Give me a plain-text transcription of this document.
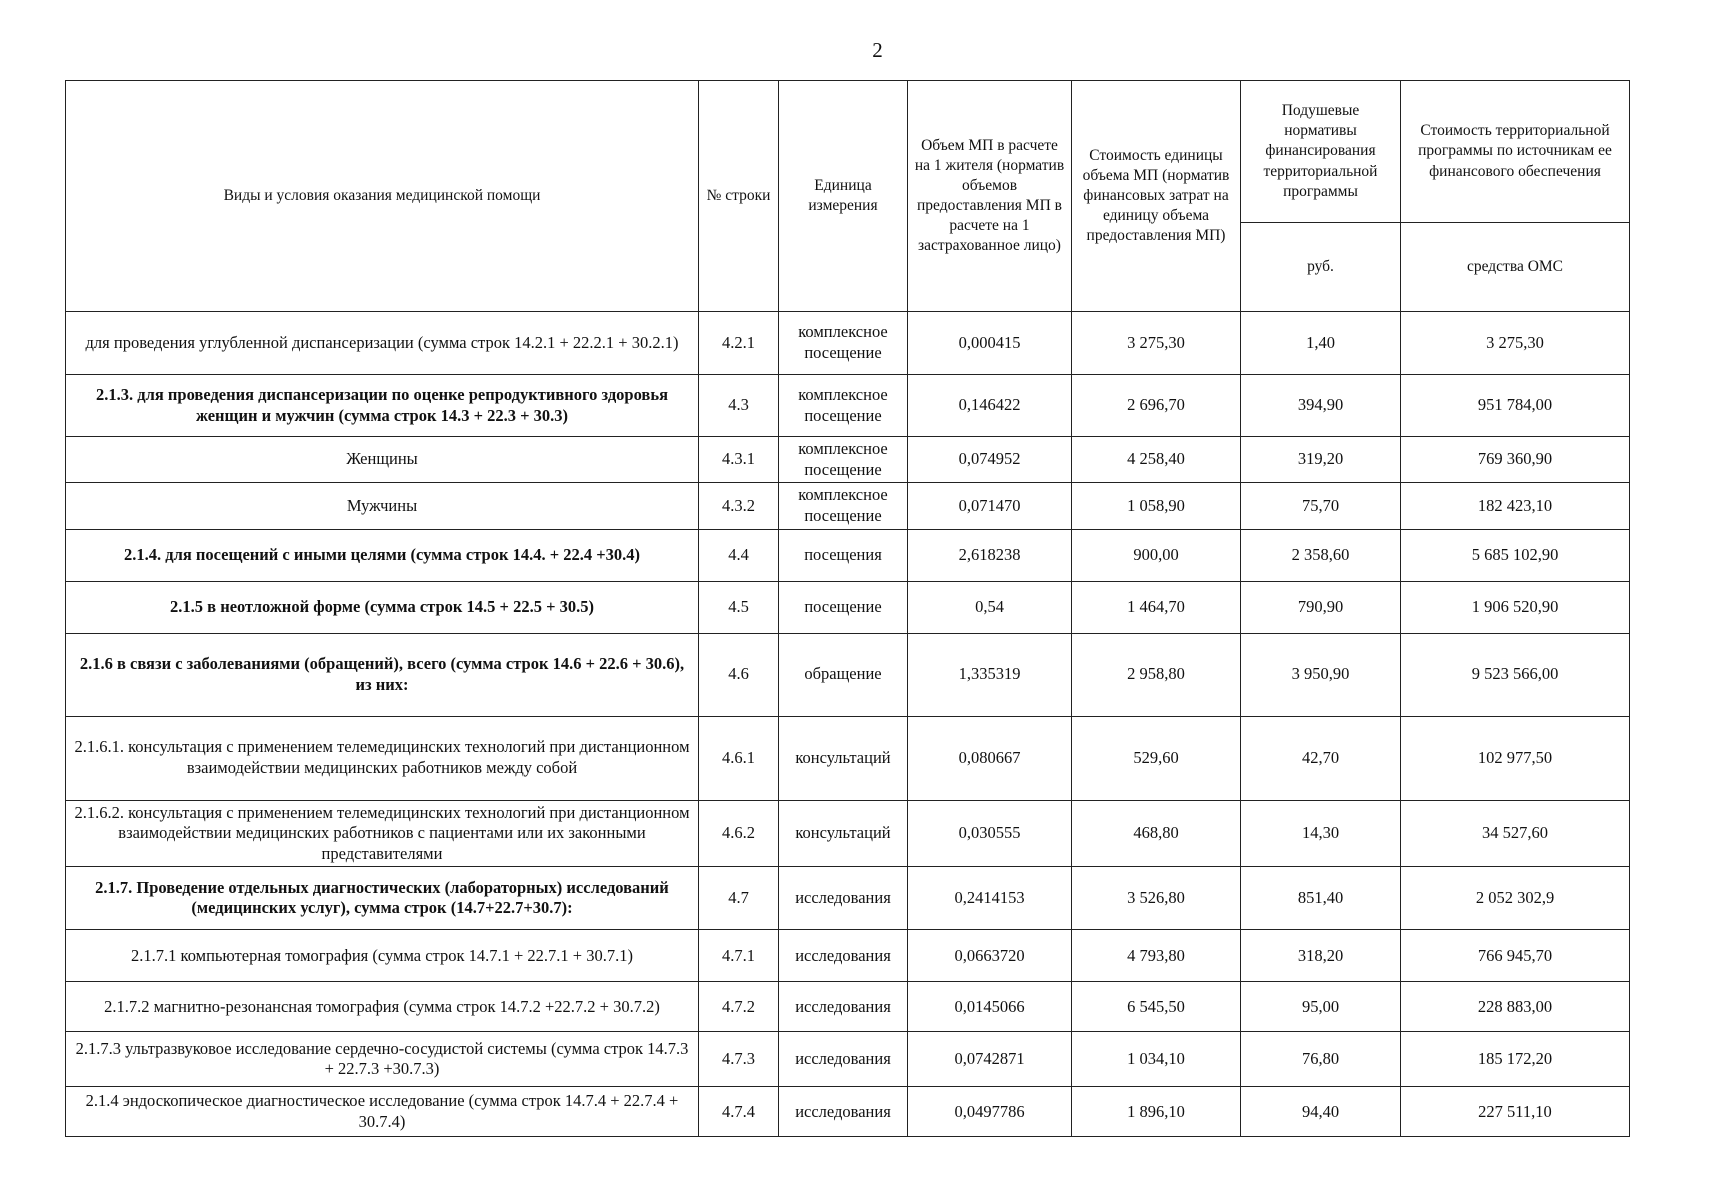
2
Виды и условия оказания медицинской помощи	№ строки	Единица измерения	Объем МП в расчете на 1 жителя (норматив объемов предоставления МП в расчете на 1 застрахованное лицо)	Стоимость единицы объема МП (норматив финансовых затрат на единицу объема предоставления МП)	Подушевые нормативы финансирования территориальной программы	Стоимость территориальной программы по источникам ее финансового обеспечения
					руб.	средства ОМС
для проведения углубленной диспансеризации (сумма строк 14.2.1 + 22.2.1 + 30.2.1)	4.2.1	комплексное посещение	0,000415	3 275,30	1,40	3 275,30
2.1.3. для проведения диспансеризации по оценке репродуктивного здоровья женщин и мужчин (сумма строк 14.3 + 22.3 + 30.3)	4.3	комплексное посещение	0,146422	2 696,70	394,90	951 784,00
Женщины	4.3.1	комплексное посещение	0,074952	4 258,40	319,20	769 360,90
Мужчины	4.3.2	комплексное посещение	0,071470	1 058,90	75,70	182 423,10
2.1.4. для посещений с иными целями (сумма строк 14.4. + 22.4 +30.4)	4.4	посещения	2,618238	900,00	2 358,60	5 685 102,90
2.1.5 в неотложной форме (сумма строк 14.5 + 22.5 + 30.5)	4.5	посещение	0,54	1 464,70	790,90	1 906 520,90
2.1.6 в связи с заболеваниями (обращений), всего (сумма строк 14.6 + 22.6 + 30.6), из них:	4.6	обращение	1,335319	2 958,80	3 950,90	9 523 566,00
2.1.6.1. консультация с применением телемедицинских технологий при дистанционном взаимодействии медицинских работников между собой	4.6.1	консультаций	0,080667	529,60	42,70	102 977,50
2.1.6.2. консультация с применением телемедицинских технологий при дистанционном взаимодействии медицинских работников с пациентами или их законными представителями	4.6.2	консультаций	0,030555	468,80	14,30	34 527,60
2.1.7. Проведение отдельных диагностических (лабораторных) исследований (медицинских услуг), сумма строк (14.7+22.7+30.7):	4.7	исследования	0,2414153	3 526,80	851,40	2 052 302,9
2.1.7.1 компьютерная томография (сумма строк 14.7.1 + 22.7.1 + 30.7.1)	4.7.1	исследования	0,0663720	4 793,80	318,20	766 945,70
2.1.7.2 магнитно-резонансная томография (сумма строк 14.7.2 +22.7.2 + 30.7.2)	4.7.2	исследования	0,0145066	6 545,50	95,00	228 883,00
2.1.7.3 ультразвуковое исследование сердечно-сосудистой системы (сумма строк 14.7.3 + 22.7.3 +30.7.3)	4.7.3	исследования	0,0742871	1 034,10	76,80	185 172,20
2.1.4 эндоскопическое диагностическое исследование (сумма строк 14.7.4 + 22.7.4 + 30.7.4)	4.7.4	исследования	0,0497786	1 896,10	94,40	227 511,10
